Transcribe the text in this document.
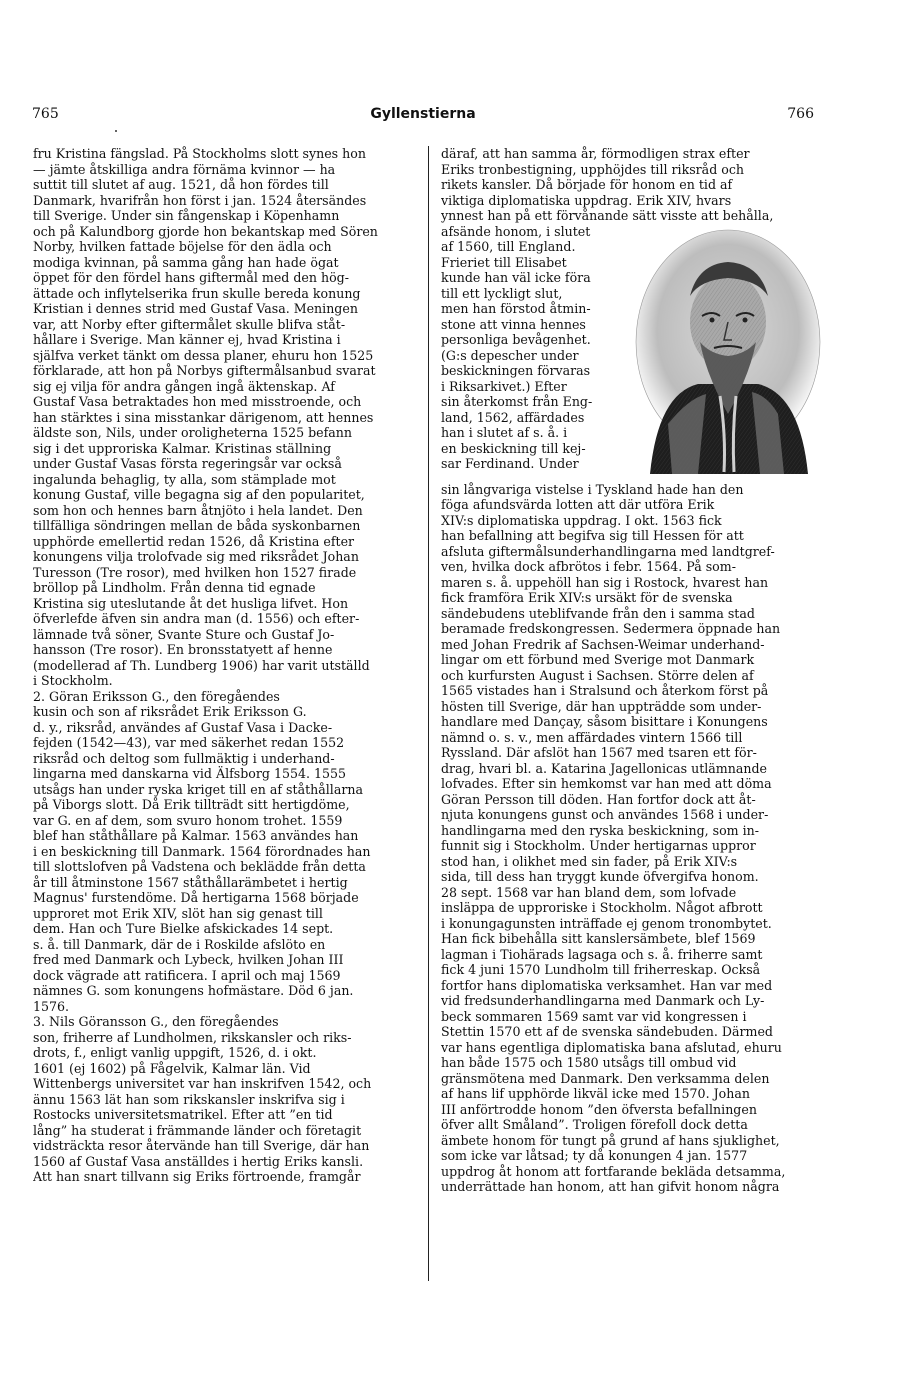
765	Gyllenstierna	766
fru Kristina fängslad. På Stockholms slott synes hon
— jämte åtskilliga andra förnäma kvinnor — ha
suttit till slutet af aug. 1521, då hon fördes till
Danmark, hvarifrån hon först i jan. 1524 återsändes
till Sverige. Under sin fångenskap i Köpenhamn
och på Kalundborg gjorde hon bekantskap med Sören
Norby, hvilken fattade böjelse för den ädla och
modiga kvinnan, på samma gång han hade ögat
öppet för den fördel hans giftermål med den hög-
ättade och inflytelserika frun skulle bereda konung
Kristian i dennes strid med Gustaf Vasa. Meningen
var, att Norby efter giftermålet skulle blifva ståt-
hållare i Sverige. Man känner ej, hvad Kristina i
själfva verket tänkt om dessa planer, ehuru hon 1525
förklarade, att hon på Norbys giftermålsanbud svarat
sig ej vilja för andra gången ingå äktenskap. Af
Gustaf Vasa betraktades hon med misstroende, och
han stärktes i sina misstankar därigenom, att hennes
äldste son, Nils, under oroligheterna 1525 befann
sig i det upproriska Kalmar. Kristinas ställning
under Gustaf Vasas första regeringsår var också
ingalunda behaglig, ty alla, som stämplade mot
konung Gustaf, ville begagna sig af den popularitet,
som hon och hennes barn åtnjöto i hela landet. Den
tillfälliga söndringen mellan de båda syskonbarnen
upphörde emellertid redan 1526, då Kristina efter
konungens vilja trolofvade sig med riksrådet Johan
Turesson (Tre rosor), med hvilken hon 1527 firade
bröllop på Lindholm. Från denna tid egnade
Kristina sig uteslutande åt det husliga lifvet. Hon
öfverlefde äfven sin andra man (d. 1556) och efter-
lämnade två söner, Svante Sture och Gustaf Jo-
hansson (Tre rosor). En bronsstatyett af henne
(modellerad af Th. Lundberg 1906) har varit utställd
i Stockholm.
2. Göran Eriksson G., den föregåendes
kusin och son af riksrådet Erik Eriksson G.
d. y., riksråd, användes af Gustaf Vasa i Dacke-
fejden (1542—43), var med säkerhet redan 1552
riksråd och deltog som fullmäktig i underhand-
lingarna med danskarna vid Älfsborg 1554. 1555
utsågs han under ryska kriget till en af ståthållarna
på Viborgs slott. Då Erik tillträdt sitt hertigdöme,
var G. en af dem, som svuro honom trohet. 1559
blef han ståthållare på Kalmar. 1563 användes han
i en beskickning till Danmark. 1564 förordnades han
till slottslofven på Vadstena och beklädde från detta
år till åtminstone 1567 ståthållarämbetet i hertig
Magnus' furstendöme. Då hertigarna 1568 började
upproret mot Erik XIV, slöt han sig genast till
dem. Han och Ture Bielke afskickades 14 sept.
s. å. till Danmark, där de i Roskilde afslöto en
fred med Danmark och Lybeck, hvilken Johan III
dock vägrade att ratificera. I april och maj 1569
nämnes G. som konungens hofmästare. Död 6 jan.
1576.
3. Nils Göransson G., den föregåendes
son, friherre af Lundholmen, rikskansler och riks-
drots, f., enligt vanlig uppgift, 1526, d. i okt.
1601 (ej 1602) på Fågelvik, Kalmar län. Vid
Wittenbergs universitet var han inskrifven 1542, och
ännu 1563 lät han som rikskansler inskrifva sig i
Rostocks universitetsmatrikel. Efter att ”en tid
lång” ha studerat i främmande länder och företagit
vidsträckta resor återvände han till Sverige, där han
1560 af Gustaf Vasa anställdes i hertig Eriks kansli.
Att han snart tillvann sig Eriks förtroende, framgår
däraf, att han samma år, förmodligen strax efter
Eriks tronbestigning, upphöjdes till riksråd och
rikets kansler. Då började för honom en tid af
viktiga diplomatiska uppdrag. Erik XIV, hvars
ynnest han på ett förvånande sätt visste att behålla,
afsände honom, i slutet
af 1560, till England.
Frieriet till Elisabet
kunde han väl icke föra
till ett lyckligt slut,
men han förstod åtmin-
stone att vinna hennes
personliga bevågenhet.
(G:s depescher under
beskickningen förvaras
i Riksarkivet.) Efter
sin återkomst från Eng-
land, 1562, affärdades
han i slutet af s. å. i
en beskickning till kej-
sar Ferdinand. Under
sin långvariga vistelse i Tyskland hade han den
föga afundsvärda lotten att där utföra Erik
XIV:s diplomatiska uppdrag. I okt. 1563 fick
han befallning att begifva sig till Hessen för att
afsluta giftermålsunderhandlingarna med landtgref-
ven, hvilka dock afbrötos i febr. 1564. På som-
maren s. å. uppehöll han sig i Rostock, hvarest han
fick framföra Erik XIV:s ursäkt för de svenska
sändebudens uteblifvande från den i samma stad
beramade fredskongressen. Sedermera öppnade han
med Johan Fredrik af Sachsen-Weimar underhand-
lingar om ett förbund med Sverige mot Danmark
och kurfursten August i Sachsen. Större delen af
1565 vistades han i Stralsund och återkom först på
hösten till Sverige, där han uppträdde som under-
handlare med Dançay, såsom bisittare i Konungens
nämnd o. s. v., men affärdades vintern 1566 till
Ryssland. Där afslöt han 1567 med tsaren ett för-
drag, hvari bl. a. Katarina Jagellonicas utlämnande
lofvades. Efter sin hemkomst var han med att döma
Göran Persson till döden. Han fortfor dock att åt-
njuta konungens gunst och användes 1568 i under-
handlingarna med den ryska beskickning, som in-
funnit sig i Stockholm. Under hertigarnas uppror
stod han, i olikhet med sin fader, på Erik XIV:s
sida, till dess han tryggt kunde öfvergifva honom.
28 sept. 1568 var han bland dem, som lofvade
insläppa de upproriske i Stockholm. Något afbrott
i konungagunsten inträffade ej genom tronombytet.
Han fick bibehålla sitt kanslersämbete, blef 1569
lagman i Tiohärads lagsaga och s. å. friherre samt
fick 4 juni 1570 Lundholm till friherreskap. Också
fortfor hans diplomatiska verksamhet. Han var med
vid fredsunderhandlingarna med Danmark och Ly-
beck sommaren 1569 samt var vid kongressen i
Stettin 1570 ett af de svenska sändebuden. Därmed
var hans egentliga diplomatiska bana afslutad, ehuru
han både 1575 och 1580 utsågs till ombud vid
gränsmötena med Danmark. Den verksamma delen
af hans lif upphörde likväl icke med 1570. Johan
III anförtrodde honom ”den öfversta befallningen
öfver allt Småland”. Troligen förefoll dock detta
ämbete honom för tungt på grund af hans sjuklighet,
som icke var låtsad; ty då konungen 4 jan. 1577
uppdrog åt honom att fortfarande bekläda detsamma,
underrättade han honom, att han gifvit honom några
